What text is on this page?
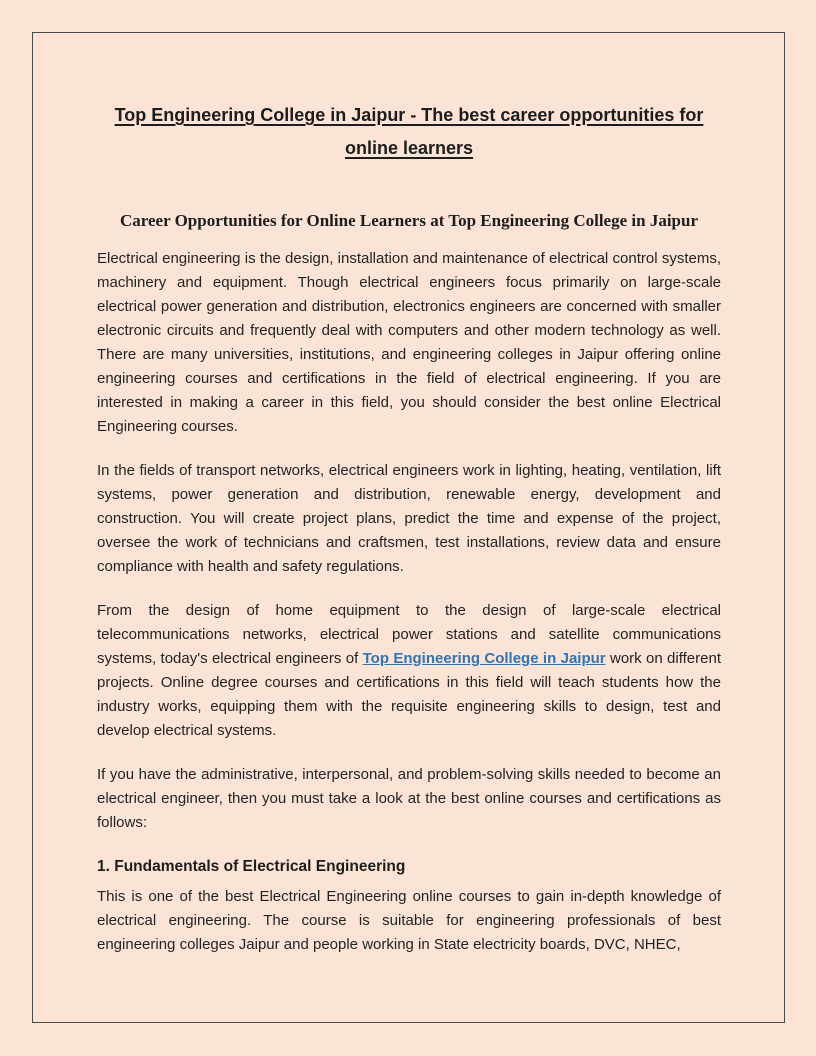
Top Engineering College in Jaipur - The best career opportunities for online learners
Career Opportunities for Online Learners at Top Engineering College in Jaipur

Electrical engineering is the design, installation and maintenance of electrical control systems, machinery and equipment. Though electrical engineers focus primarily on large-scale electrical power generation and distribution, electronics engineers are concerned with smaller electronic circuits and frequently deal with computers and other modern technology as well. There are many universities, institutions, and engineering colleges in Jaipur offering online engineering courses and certifications in the field of electrical engineering. If you are interested in making a career in this field, you should consider the best online Electrical Engineering courses.

In the fields of transport networks, electrical engineers work in lighting, heating, ventilation, lift systems, power generation and distribution, renewable energy, development and construction. You will create project plans, predict the time and expense of the project, oversee the work of technicians and craftsmen, test installations, review data and ensure compliance with health and safety regulations.

From the design of home equipment to the design of large-scale electrical telecommunications networks, electrical power stations and satellite communications systems, today's electrical engineers of Top Engineering College in Jaipur work on different projects. Online degree courses and certifications in this field will teach students how the industry works, equipping them with the requisite engineering skills to design, test and develop electrical systems.

If you have the administrative, interpersonal, and problem-solving skills needed to become an electrical engineer, then you must take a look at the best online courses and certifications as follows:

1. Fundamentals of Electrical Engineering

This is one of the best Electrical Engineering online courses to gain in-depth knowledge of electrical engineering. The course is suitable for engineering professionals of best engineering colleges Jaipur and people working in State electricity boards, DVC, NHEC,
